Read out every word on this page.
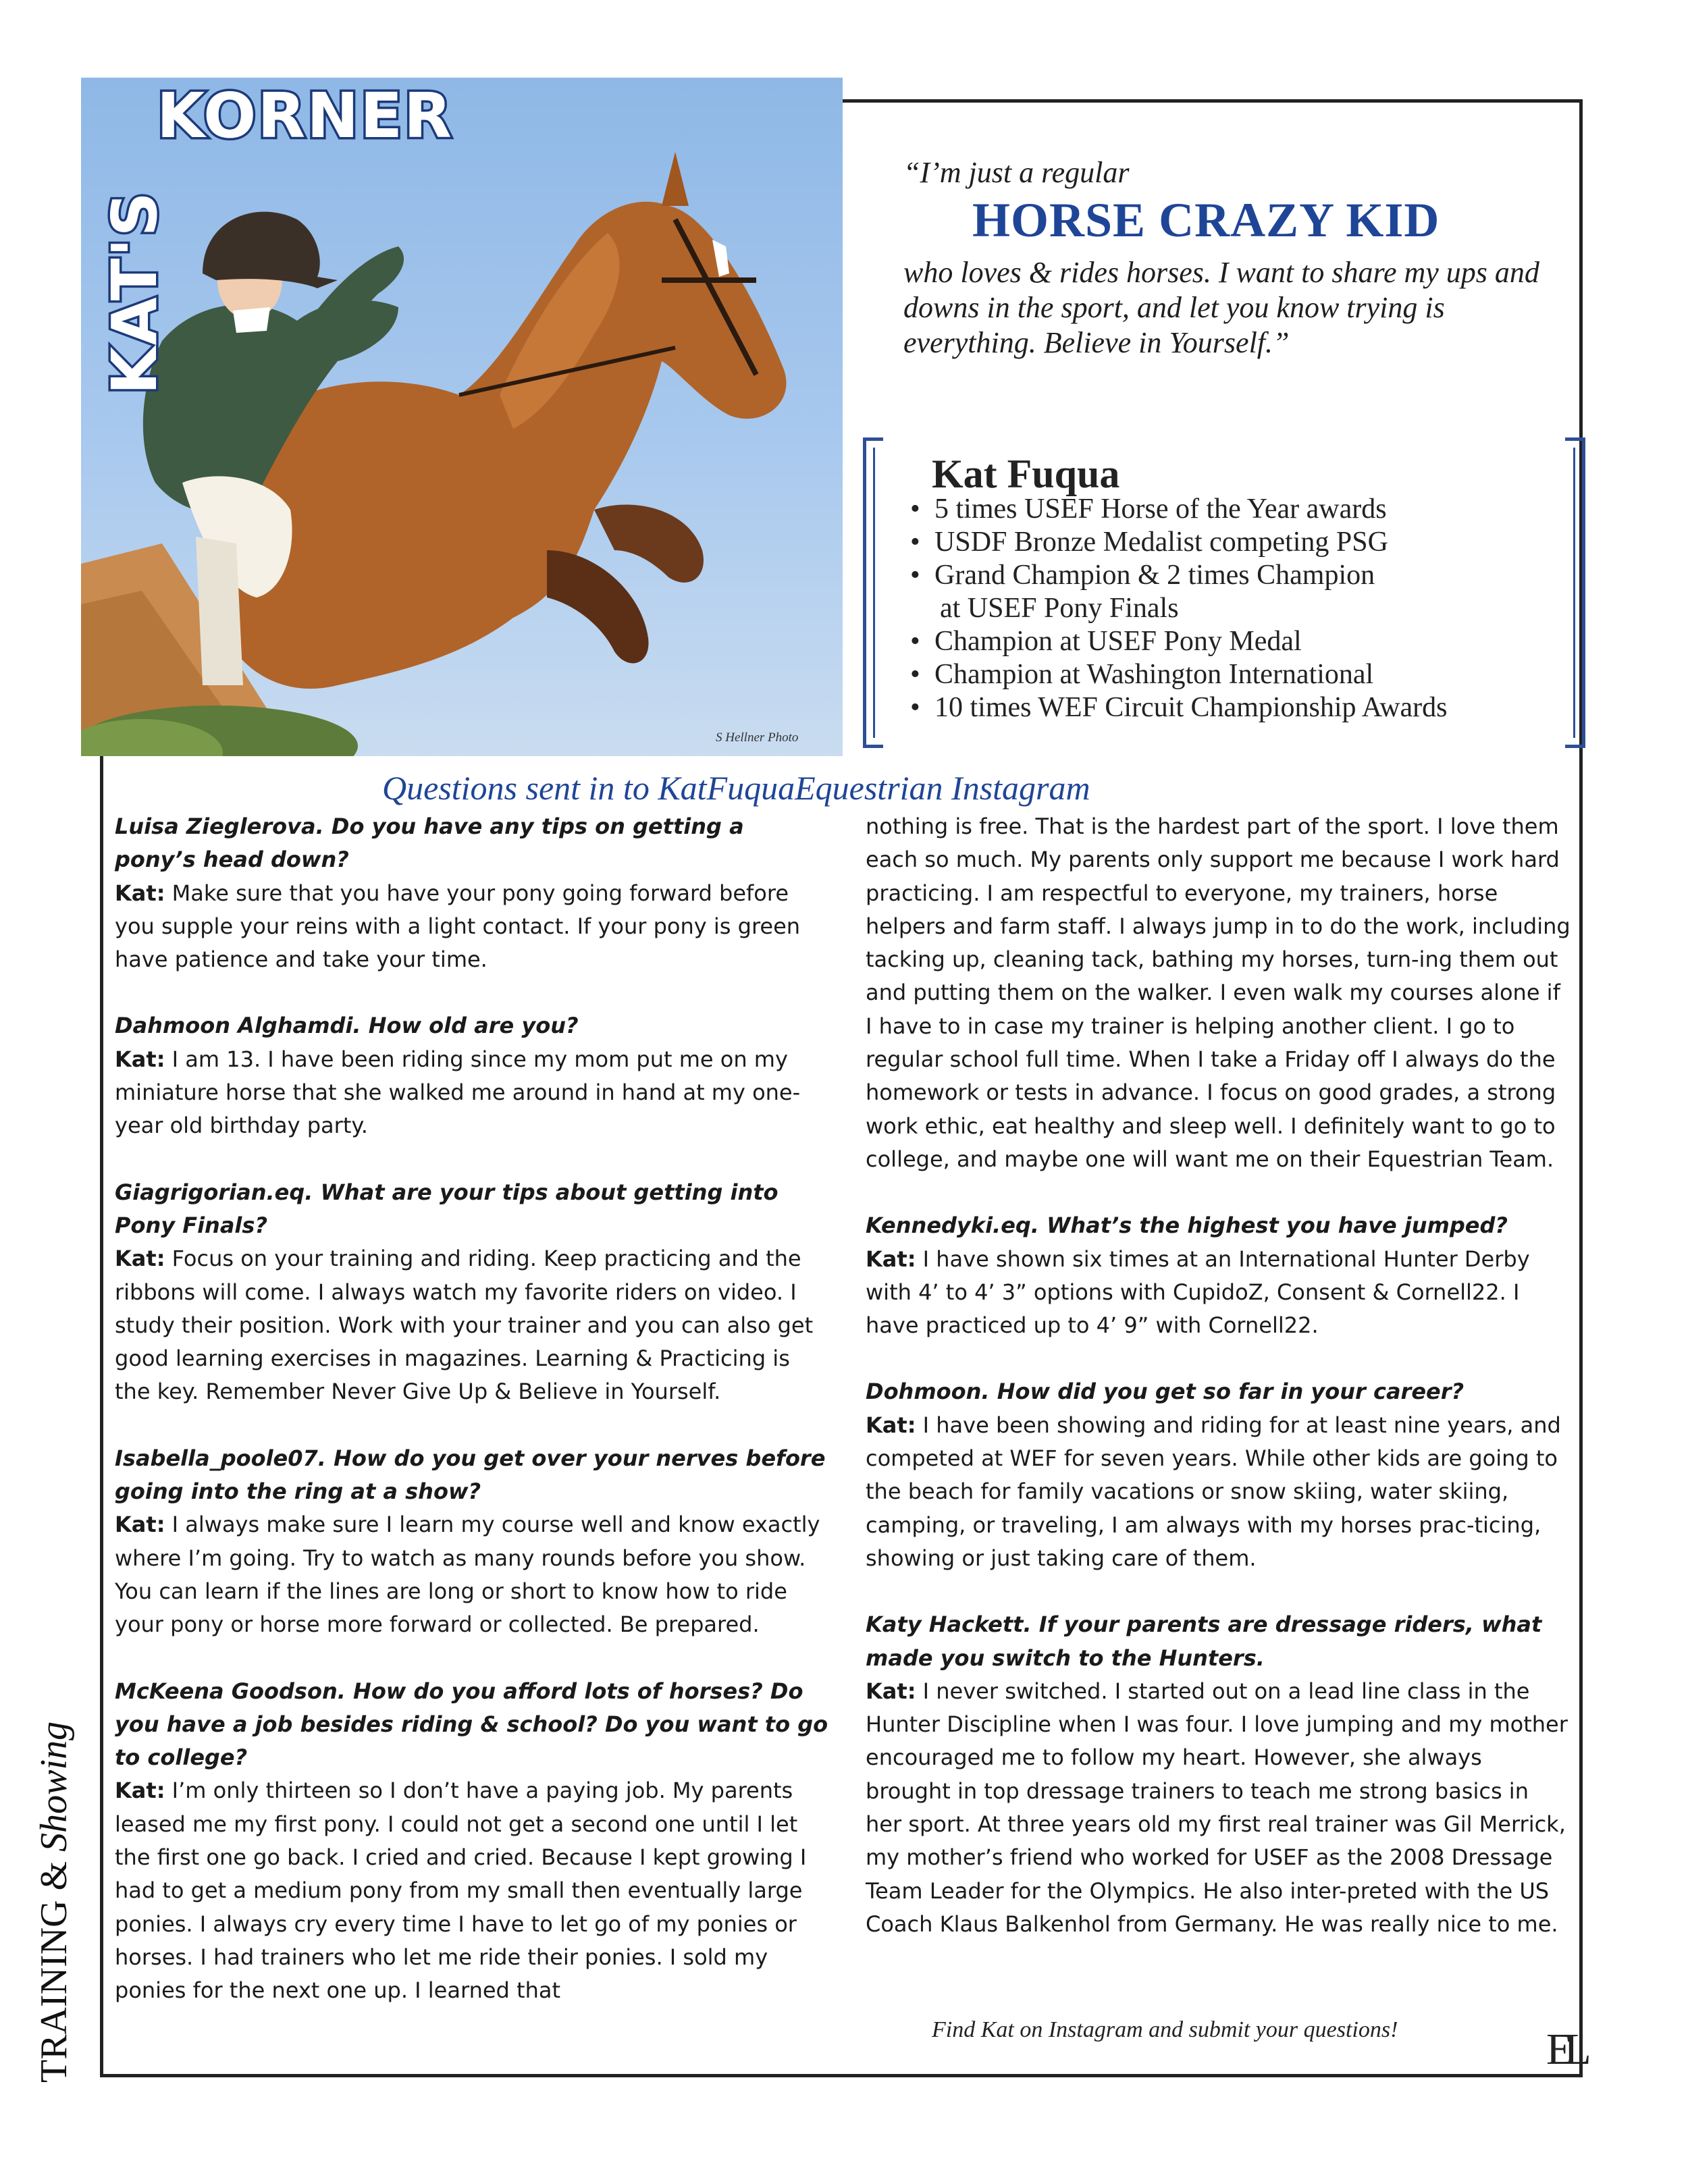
KAT'S
KORNER
S Hellner Photo
“I’m just a regular
HORSE CRAZY KID
who loves & rides horses. I want to share my ups and downs in the sport, and let you know trying is everything. Believe in Yourself.”
Kat Fuqua
• 5 times USEF Horse of the Year awards
• USDF Bronze Medalist competing PSG
• Grand Champion & 2 times Champion
at USEF Pony Finals
• Champion at USEF Pony Medal
• Champion at Washington International
• 10 times WEF Circuit Championship Awards
Questions sent in to KatFuquaEquestrian Instagram
Luisa Zieglerova. Do you have any tips on getting a pony’s head down?
Kat: Make sure that you have your pony going forward before you supple your reins with a light contact. If your pony is green have patience and take your time.
Dahmoon Alghamdi. How old are you?
Kat: I am 13. I have been riding since my mom put me on my miniature horse that she walked me around in hand at my one-year old birthday party.
Giagrigorian.eq. What are your tips about getting into Pony Finals?
Kat: Focus on your training and riding. Keep practicing and the ribbons will come. I always watch my favorite riders on video. I study their position. Work with your trainer and you can also get good learning exercises in magazines. Learning & Practicing is the key. Remember Never Give Up & Believe in Yourself.
Isabella_poole07. How do you get over your nerves before going into the ring at a show?
Kat: I always make sure I learn my course well and know exactly where I’m going. Try to watch as many rounds before you show. You can learn if the lines are long or short to know how to ride your pony or horse more forward or collected. Be prepared.
McKeena Goodson. How do you afford lots of horses? Do you have a job besides riding & school? Do you want to go to college?
Kat: I’m only thirteen so I don’t have a paying job. My parents leased me my first pony. I could not get a second one until I let the first one go back. I cried and cried. Because I kept growing I had to get a medium pony from my small then eventually large ponies. I always cry every time I have to let go of my ponies or horses. I had trainers who let me ride their ponies. I sold my ponies for the next one up. I learned that
nothing is free. That is the hardest part of the sport. I love them each so much. My parents only support me because I work hard practicing. I am respectful to everyone, my trainers, horse helpers and farm staff. I always jump in to do the work, including tacking up, cleaning tack, bathing my horses, turn-ing them out and putting them on the walker. I even walk my courses alone if I have to in case my trainer is helping another client. I go to regular school full time. When I take a Friday off I always do the homework or tests in advance. I focus on good grades, a strong work ethic, eat healthy and sleep well. I definitely want to go to college, and maybe one will want me on their Equestrian Team.
Kennedyki.eq. What’s the highest you have jumped?
Kat: I have shown six times at an International Hunter Derby with 4’ to 4’ 3” options with CupidoZ, Consent & Cornell22. I have practiced up to 4’ 9” with Cornell22.
Dohmoon. How did you get so far in your career?
Kat: I have been showing and riding for at least nine years, and competed at WEF for seven years. While other kids are going to the beach for family vacations or snow skiing, water skiing, camping, or traveling, I am always with my horses prac-ticing, showing or just taking care of them.
Katy Hackett. If your parents are dressage riders, what made you switch to the Hunters.
Kat: I never switched. I started out on a lead line class in the Hunter Discipline when I was four. I love jumping and my mother encouraged me to follow my heart. However, she always brought in top dressage trainers to teach me strong basics in her sport. At three years old my first real trainer was Gil Merrick, my mother’s friend who worked for USEF as the 2008 Dressage Team Leader for the Olympics. He also inter-preted with the US Coach Klaus Balkenhol from Germany. He was really nice to me.
TRAINING & Showing
Find Kat on Instagram and submit your questions!	EL
